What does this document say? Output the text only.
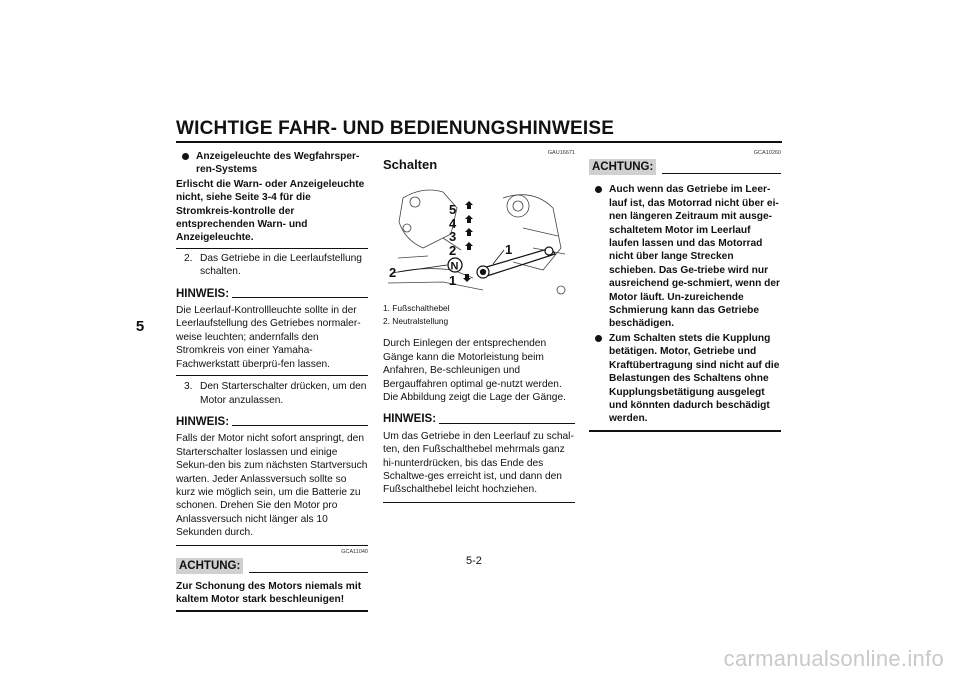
WICHTIGE FAHR- UND BEDIENUNGSHINWEISE
5
Anzeigeleuchte des Wegfahrsper-ren-Systems
Erlischt die Warn- oder Anzeigeleuchte nicht, siehe Seite 3-4 für die Stromkreis-kontrolle der entsprechenden Warn- und Anzeigeleuchte.
2. Das Getriebe in die Leerlaufstellung schalten.
HINWEIS:
Die Leerlauf-Kontrollleuchte sollte in der Leerlaufstellung des Getriebes normaler-weise leuchten; andernfalls den Stromkreis von einer Yamaha-Fachwerkstatt überprü-fen lassen.
3. Den Starterschalter drücken, um den Motor anzulassen.
HINWEIS:
Falls der Motor nicht sofort anspringt, den Starterschalter loslassen und einige Sekun-den bis zum nächsten Startversuch warten. Jeder Anlassversuch sollte so kurz wie möglich sein, um die Batterie zu schonen. Drehen Sie den Motor pro Anlassversuch nicht länger als 10 Sekunden durch.
GCA11040
ACHTUNG:
Zur Schonung des Motors niemals mit kaltem Motor stark beschleunigen!
GAU16671
Schalten
5
4
3
2
N
1
1
2
1. Fußschalthebel
2. Neutralstellung
Durch Einlegen der entsprechenden Gänge kann die Motorleistung beim Anfahren, Be-schleunigen und Bergauffahren optimal ge-nutzt werden. Die Abbildung zeigt die Lage der Gänge.
HINWEIS:
Um das Getriebe in den Leerlauf zu schal-ten, den Fußschalthebel mehrmals ganz hi-nunterdrücken, bis das Ende des Schaltwe-ges erreicht ist, und dann den Fußschalthebel leicht hochziehen.
GCA10260
ACHTUNG:
Auch wenn das Getriebe im Leer-lauf ist, das Motorrad nicht über ei-nen längeren Zeitraum mit ausge-schaltetem Motor im Leerlauf laufen lassen und das Motorrad nicht über lange Strecken schieben. Das Ge-triebe wird nur ausreichend ge-schmiert, wenn der Motor läuft. Un-zureichende Schmierung kann das Getriebe beschädigen.
Zum Schalten stets die Kupplung betätigen. Motor, Getriebe und Kraftübertragung sind nicht auf die Belastungen des Schaltens ohne Kupplungsbetätigung ausgelegt und könnten dadurch beschädigt werden.
5-2
carmanualsonline.info
